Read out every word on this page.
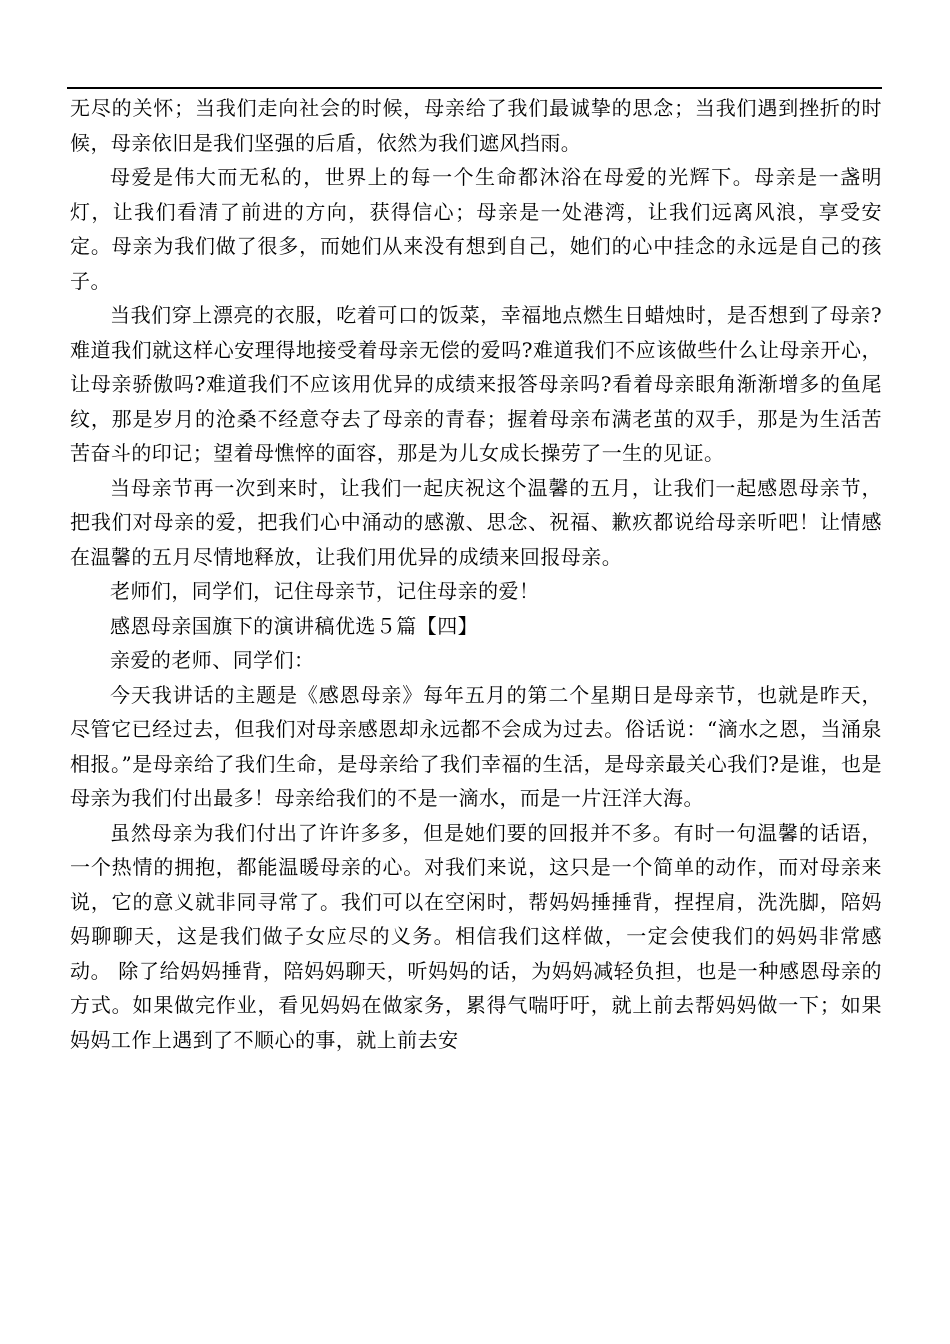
无尽的关怀；当我们走向社会的时候，母亲给了我们最诚挚的思念；当我们遇到挫折的时候，母亲依旧是我们坚强的后盾，依然为我们遮风挡雨。

母爱是伟大而无私的，世界上的每一个生命都沐浴在母爱的光辉下。母亲是一盏明灯，让我们看清了前进的方向，获得信心；母亲是一处港湾，让我们远离风浪，享受安定。母亲为我们做了很多，而她们从来没有想到自己，她们的心中挂念的永远是自己的孩子。

当我们穿上漂亮的衣服，吃着可口的饭菜，幸福地点燃生日蜡烛时，是否想到了母亲?难道我们就这样心安理得地接受着母亲无偿的爱吗?难道我们不应该做些什么让母亲开心，让母亲骄傲吗?难道我们不应该用优异的成绩来报答母亲吗?看着母亲眼角渐渐增多的鱼尾纹，那是岁月的沧桑不经意夺去了母亲的青春；握着母亲布满老茧的双手，那是为生活苦苦奋斗的印记；望着母憔悴的面容，那是为儿女成长操劳了一生的见证。

当母亲节再一次到来时，让我们一起庆祝这个温馨的五月，让我们一起感恩母亲节，把我们对母亲的爱，把我们心中涌动的感激、思念、祝福、歉疚都说给母亲听吧！让情感在温馨的五月尽情地释放，让我们用优异的成绩来回报母亲。

老师们，同学们，记住母亲节，记住母亲的爱！

感恩母亲国旗下的演讲稿优选５篇【四】

亲爱的老师、同学们：

今天我讲话的主题是《感恩母亲》每年五月的第二个星期日是母亲节，也就是昨天，尽管它已经过去，但我们对母亲感恩却永远都不会成为过去。俗话说：“滴水之恩，当涌泉相报。”是母亲给了我们生命，是母亲给了我们幸福的生活，是母亲最关心我们?是谁，也是母亲为我们付出最多！母亲给我们的不是一滴水，而是一片汪洋大海。

虽然母亲为我们付出了许许多多，但是她们要的回报并不多。有时一句温馨的话语，一个热情的拥抱，都能温暖母亲的心。对我们来说，这只是一个简单的动作，而对母亲来说，它的意义就非同寻常了。我们可以在空闲时，帮妈妈捶捶背，捏捏肩，洗洗脚，陪妈妈聊聊天，这是我们做子女应尽的义务。相信我们这样做，一定会使我们的妈妈非常感动。 除了给妈妈捶背，陪妈妈聊天，听妈妈的话，为妈妈减轻负担，也是一种感恩母亲的方式。如果做完作业，看见妈妈在做家务，累得气喘吁吁，就上前去帮妈妈做一下；如果妈妈工作上遇到了不顺心的事，就上前去安
